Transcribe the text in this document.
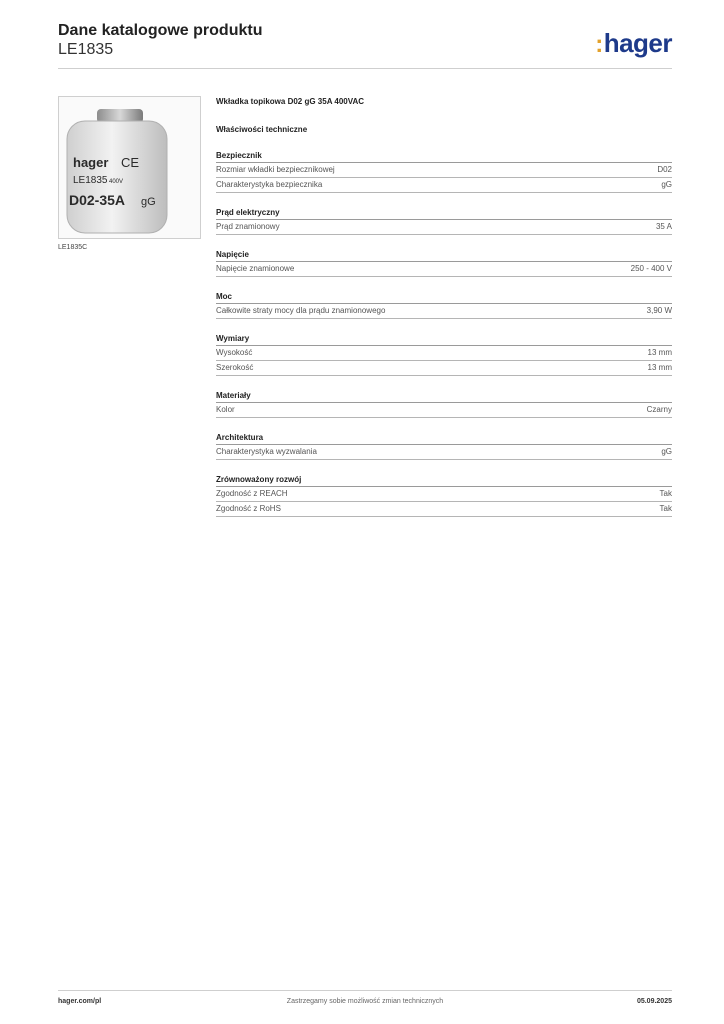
Dane katalogowe produktu
LE1835	:hager
hager CE
LE1835 400V
D02-35A gG
LE1835C
Wkładka topikowa D02 gG 35A 400VAC
Właściwości techniczne
Bezpiecznik
Rozmiar wkładki bezpiecznikowej	D02
Charakterystyka bezpiecznika	gG
Prąd elektryczny
Prąd znamionowy	35 A
Napięcie
Napięcie znamionowe	250 - 400 V
Moc
Całkowite straty mocy dla prądu znamionowego	3,90 W
Wymiary
Wysokość	13 mm
Szerokość	13 mm
Materiały
Kolor	Czarny
Architektura
Charakterystyka wyzwalania	gG
Zrównoważony rozwój
Zgodność z REACH	Tak
Zgodność z RoHS	Tak
hager.com/pl	Zastrzegamy sobie możliwość zmian technicznych	05.09.2025
